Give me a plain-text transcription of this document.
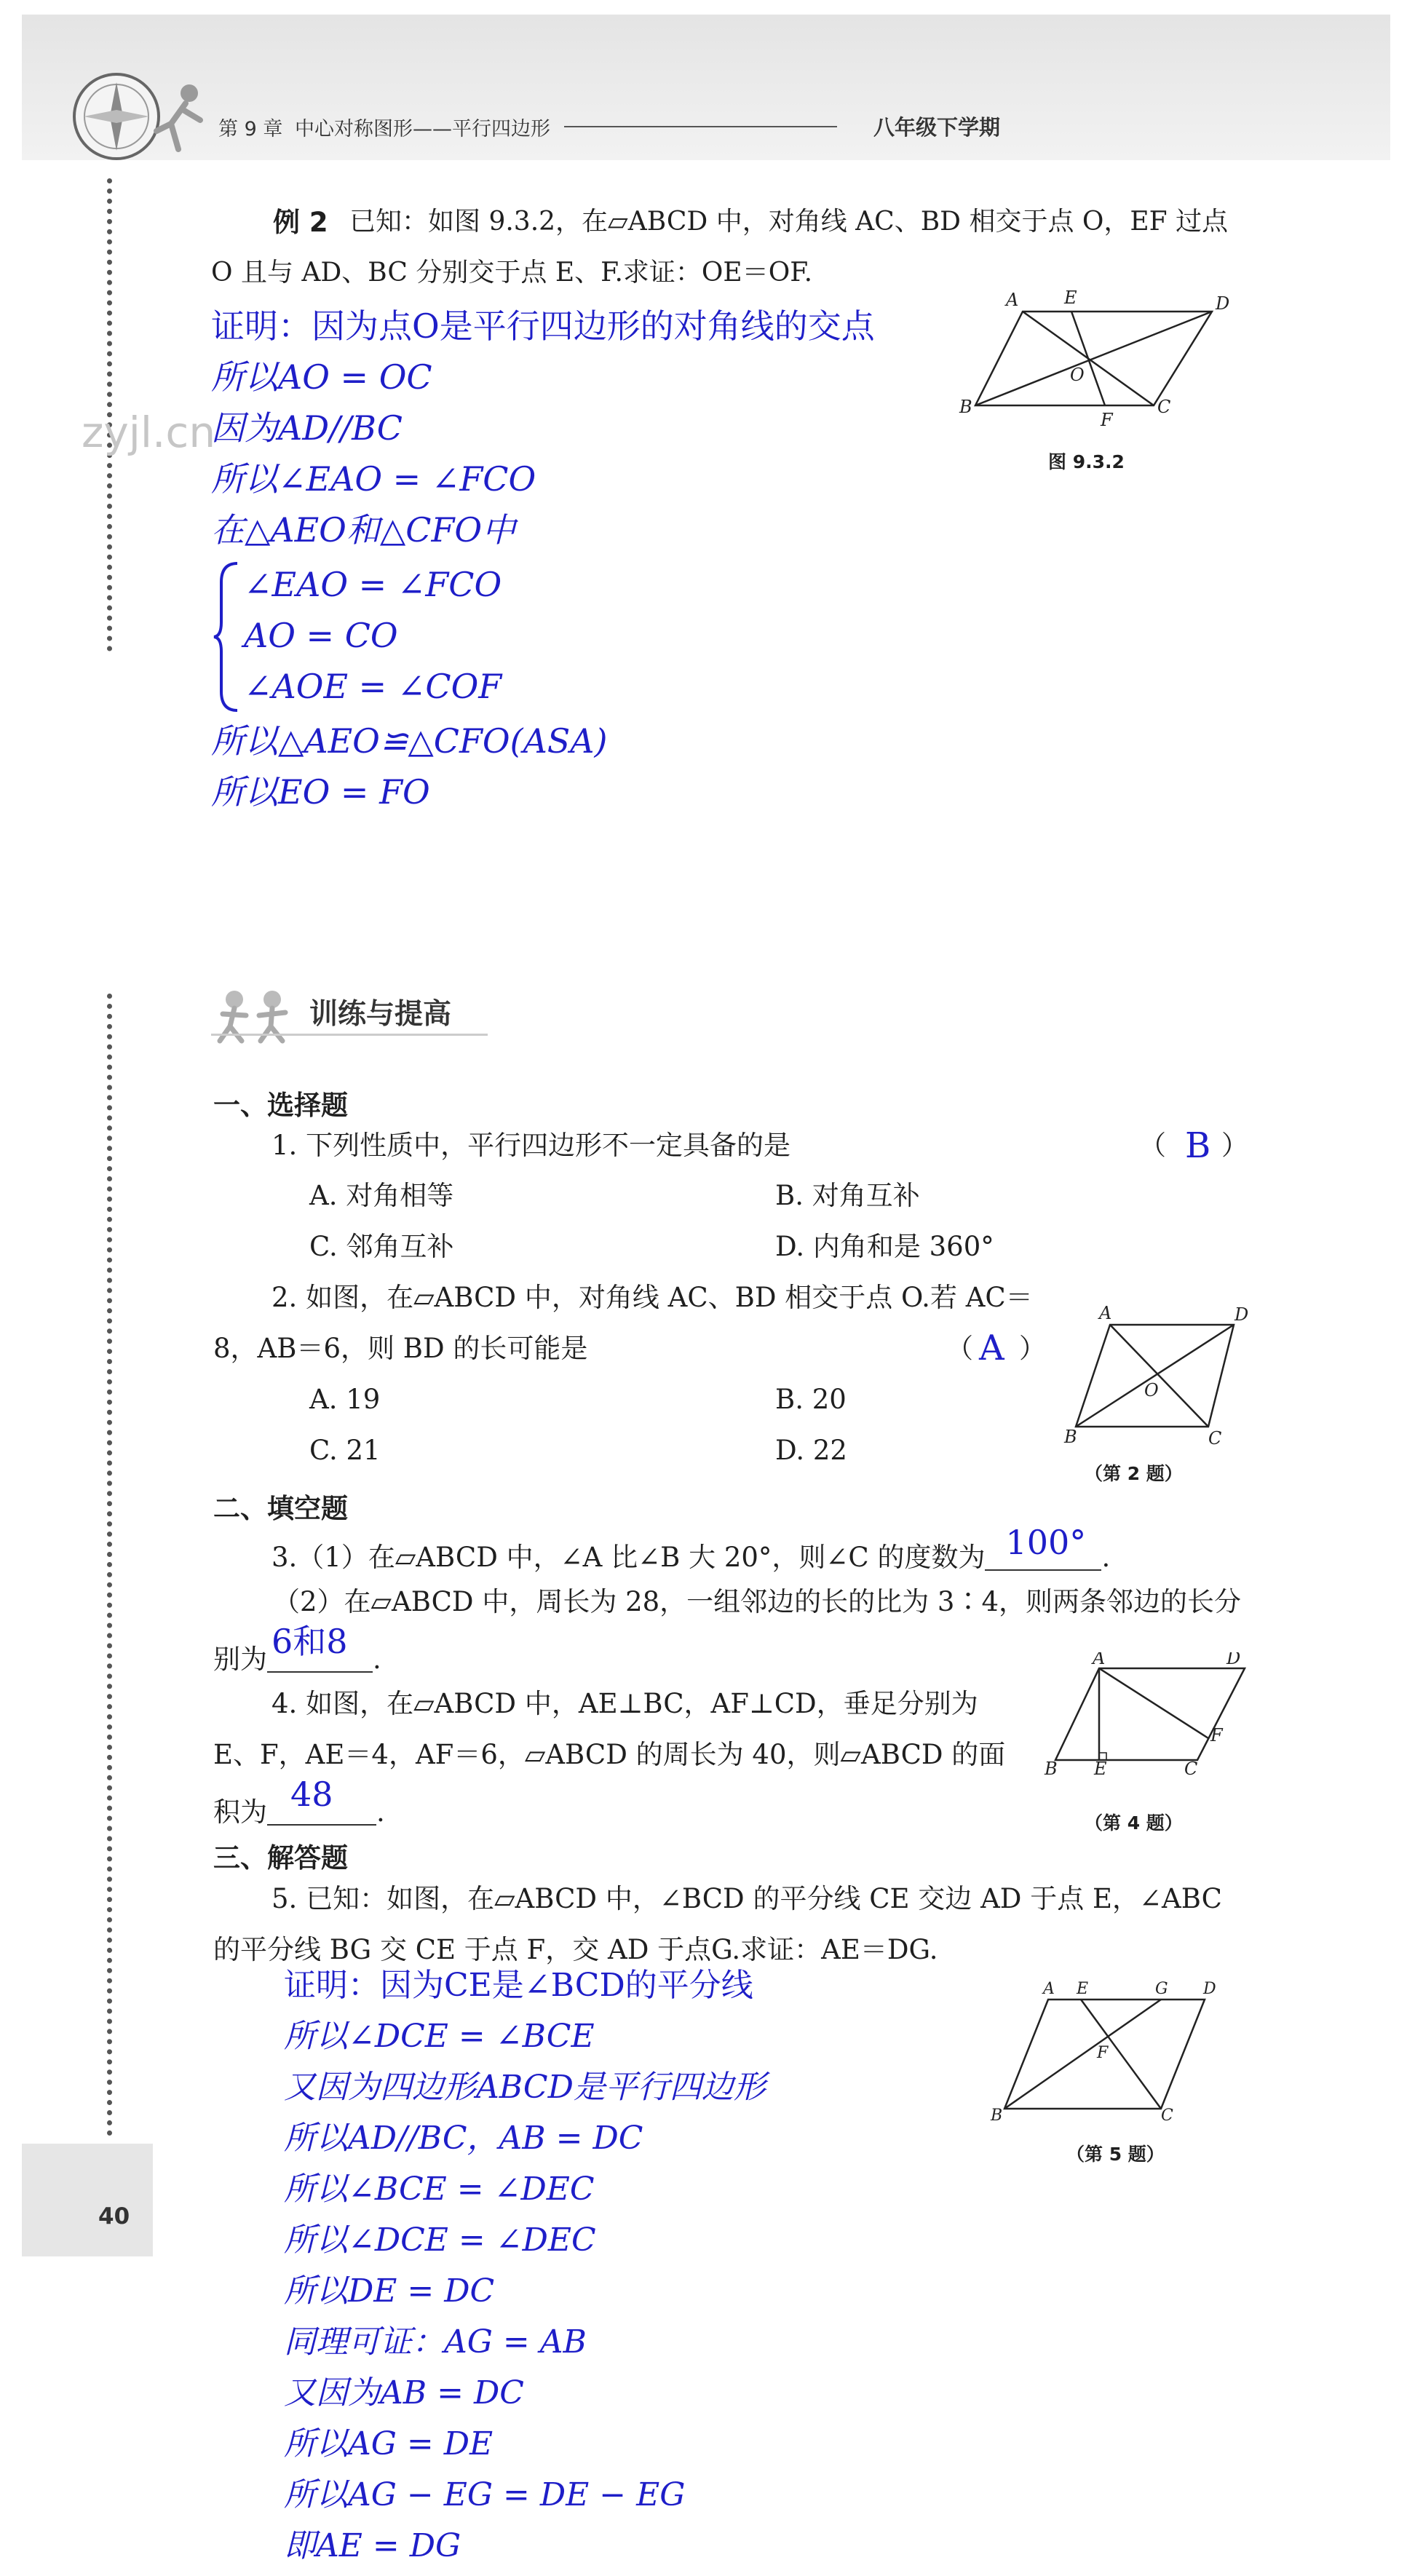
第 9 章 中心对称图形——平行四边形	八年级下学期
例 2 已知：如图 9.3.2，在▱ABCD 中，对角线 AC、BD 相交于点 O，EF 过点
O 且与 AD、BC 分别交于点 E、F.求证：OE＝OF.
A	E	D
O
B
F
C
图 9.3.2
证明：因为点O是平行四边形的对角线的交点
所以AO = OC
因为AD//BC
所以∠EAO = ∠FCO
在△AEO和△CFO中
∠EAO = ∠FCO
AO = CO
∠AOE = ∠COF
所以△AEO≌△CFO(ASA)
所以EO = FO
zyjl.cn
训练与提高
一、选择题
1. 下列性质中，平行四边形不一定具备的是	（ B ）
A. 对角相等	B. 对角互补
C. 邻角互补	D. 内角和是 360°
2. 如图，在▱ABCD 中，对角线 AC、BD 相交于点 O.若 AC＝
8，AB＝6，则 BD 的长可能是	（ A ）
A. 19	B. 20
C. 21	D. 22
A	D
O
B	C
（第 2 题）
二、填空题
3.（1）在▱ABCD 中，∠A 比∠B 大 20°，则∠C 的度数为 100° .
（2）在▱ABCD 中，周长为 28，一组邻边的长的比为 3∶4，则两条邻边的长分
别为 6和8 .
4. 如图，在▱ABCD 中，AE⊥BC，AF⊥CD，垂足分别为
E、F，AE＝4，AF＝6，▱ABCD 的周长为 40，则▱ABCD 的面
积为 48 .
A	D
F
B E	C
（第 4 题）
三、解答题
5. 已知：如图，在▱ABCD 中，∠BCD 的平分线 CE 交边 AD 于点 E，∠ABC
的平分线 BG 交 CE 于点 F，交 AD 于点G.求证：AE＝DG.
A E	G D
F
B	C
（第 5 题）
证明：因为CE是∠BCD的平分线
所以∠DCE = ∠BCE
又因为四边形ABCD是平行四边形
所以AD//BC，AB = DC
所以∠BCE = ∠DEC
所以∠DCE = ∠DEC
所以DE = DC
同理可证：AG = AB
又因为AB = DC
所以AG = DE
所以AG − EG = DE − EG
即AE = DG
40
